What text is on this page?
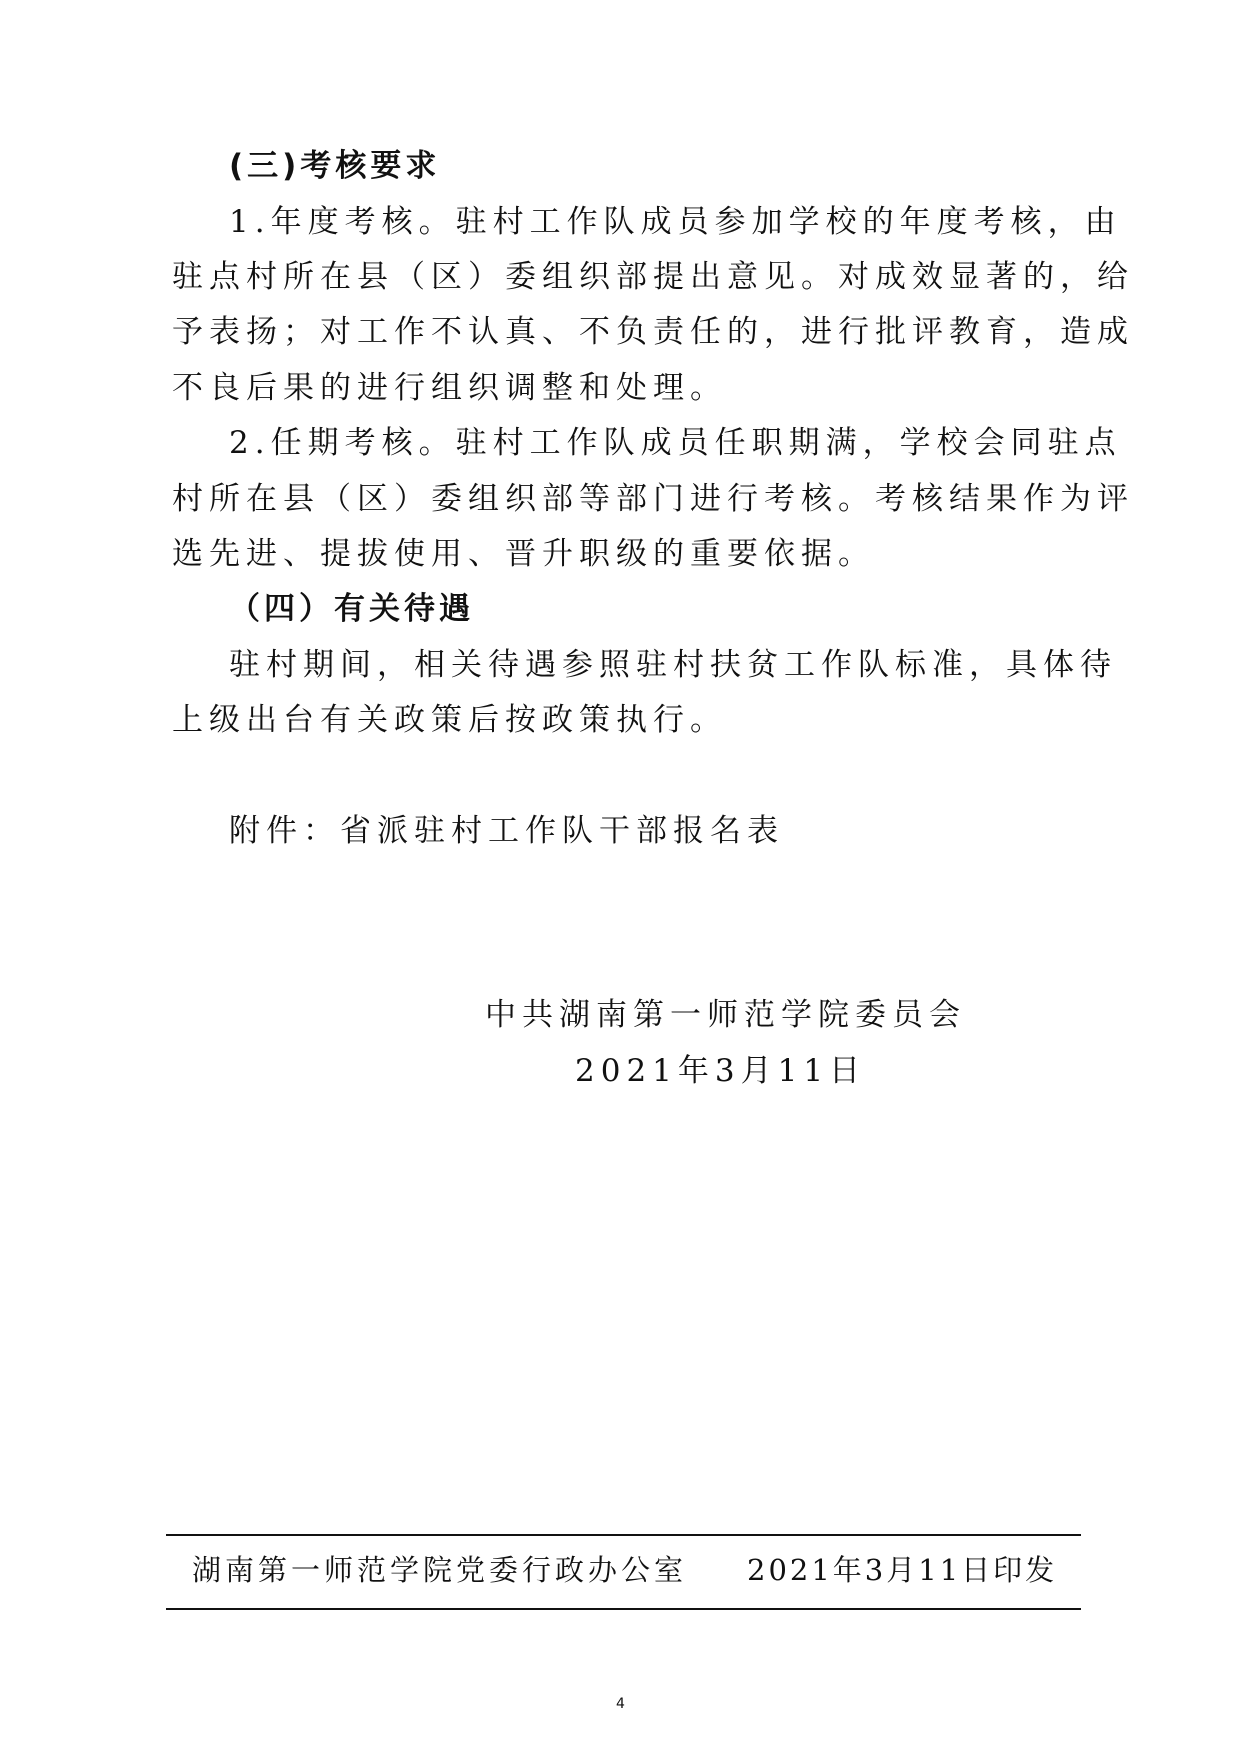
(三)考核要求
1.年度考核。驻村工作队成员参加学校的年度考核，由
驻点村所在县（区）委组织部提出意见。对成效显著的，给
予表扬；对工作不认真、不负责任的，进行批评教育，造成
不良后果的进行组织调整和处理。
2.任期考核。驻村工作队成员任职期满，学校会同驻点
村所在县（区）委组织部等部门进行考核。考核结果作为评
选先进、提拔使用、晋升职级的重要依据。
（四）有关待遇
驻村期间，相关待遇参照驻村扶贫工作队标准，具体待
上级出台有关政策后按政策执行。
附件：省派驻村工作队干部报名表
中共湖南第一师范学院委员会
2021年3月11日
湖南第一师范学院党委行政办公室 2021年3月11日印发
4
